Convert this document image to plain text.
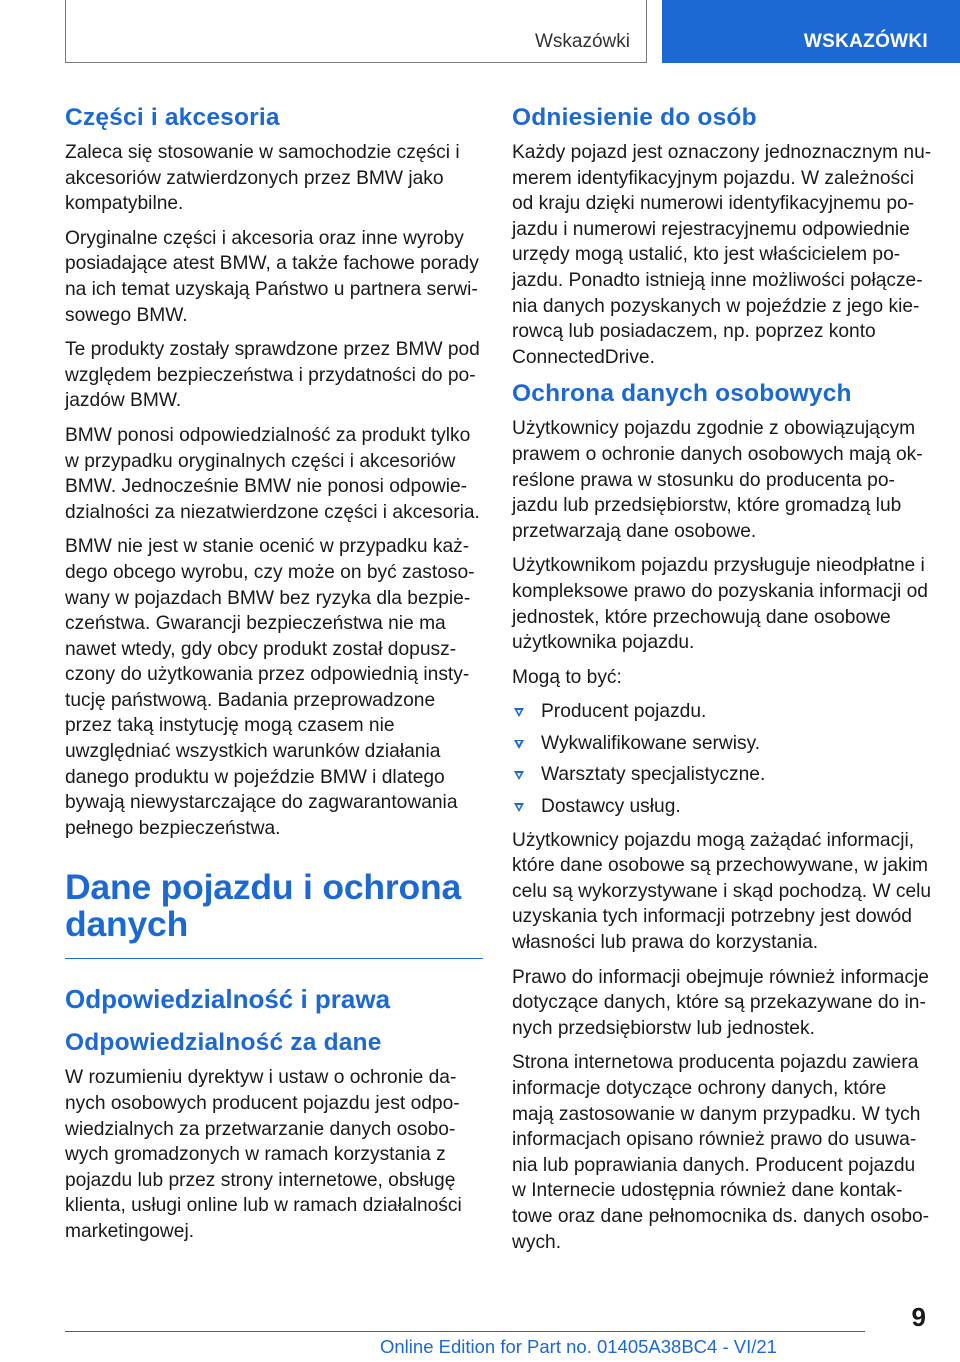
Wskazówki	WSKAZÓWKI
Części i akcesoria

Zaleca się stosowanie w samochodzie części i akcesoriów zatwierdzonych przez BMW jako kompatybilne.

Oryginalne części i akcesoria oraz inne wyroby posiadające atest BMW, a także fachowe porady na ich temat uzyskają Państwo u partnera serwisowego BMW.

Te produkty zostały sprawdzone przez BMW pod względem bezpieczeństwa i przydatności do pojazdów BMW.

BMW ponosi odpowiedzialność za produkt tylko w przypadku oryginalnych części i akcesoriów BMW. Jednocześnie BMW nie ponosi odpowiedzialności za niezatwierdzone części i akcesoria.

BMW nie jest w stanie ocenić w przypadku każdego obcego wyrobu, czy może on być zastosowany w pojazdach BMW bez ryzyka dla bezpieczeństwa. Gwarancji bezpieczeństwa nie ma nawet wtedy, gdy obcy produkt został dopuszczony do użytkowania przez odpowiednią instytucję państwową. Badania przeprowadzone przez taką instytucję mogą czasem nie uwzględniać wszystkich warunków działania danego produktu w pojeździe BMW i dlatego bywają niewystarczające do zagwarantowania pełnego bezpieczeństwa.

Dane pojazdu i ochrona danych
Odpowiedzialność i prawa
Odpowiedzialność za dane

W rozumieniu dyrektyw i ustaw o ochronie danych osobowych producent pojazdu jest odpowiedzialnych za przetwarzanie danych osobowych gromadzonych w ramach korzystania z pojazdu lub przez strony internetowe, obsługę klienta, usługi online lub w ramach działalności marketingowej.

Odniesienie do osób

Każdy pojazd jest oznaczony jednoznacznym numerem identyfikacyjnym pojazdu. W zależności od kraju dzięki numerowi identyfikacyjnemu pojazdu i numerowi rejestracyjnemu odpowiednie urzędy mogą ustalić, kto jest właścicielem pojazdu. Ponadto istnieją inne możliwości połączenia danych pozyskanych w pojeździe z jego kierowcą lub posiadaczem, np. poprzez konto ConnectedDrive.

Ochrona danych osobowych

Użytkownicy pojazdu zgodnie z obowiązującym prawem o ochronie danych osobowych mają określone prawa w stosunku do producenta pojazdu lub przedsiębiorstw, które gromadzą lub przetwarzają dane osobowe.

Użytkownikom pojazdu przysługuje nieodpłatne i kompleksowe prawo do pozyskania informacji od jednostek, które przechowują dane osobowe użytkownika pojazdu.

Mogą to być:

Producent pojazdu.
Wykwalifikowane serwisy.
Warsztaty specjalistyczne.
Dostawcy usług.

Użytkownicy pojazdu mogą zażądać informacji, które dane osobowe są przechowywane, w jakim celu są wykorzystywane i skąd pochodzą. W celu uzyskania tych informacji potrzebny jest dowód własności lub prawa do korzystania.

Prawo do informacji obejmuje również informacje dotyczące danych, które są przekazywane do innych przedsiębiorstw lub jednostek.

Strona internetowa producenta pojazdu zawiera informacje dotyczące ochrony danych, które mają zastosowanie w danym przypadku. W tych informacjach opisano również prawo do usuwania lub poprawiania danych. Producent pojazdu w Internecie udostępnia również dane kontaktowe oraz dane pełnomocnika ds. danych osobowych.

9
Online Edition for Part no. 01405A38BC4 - VI/21
